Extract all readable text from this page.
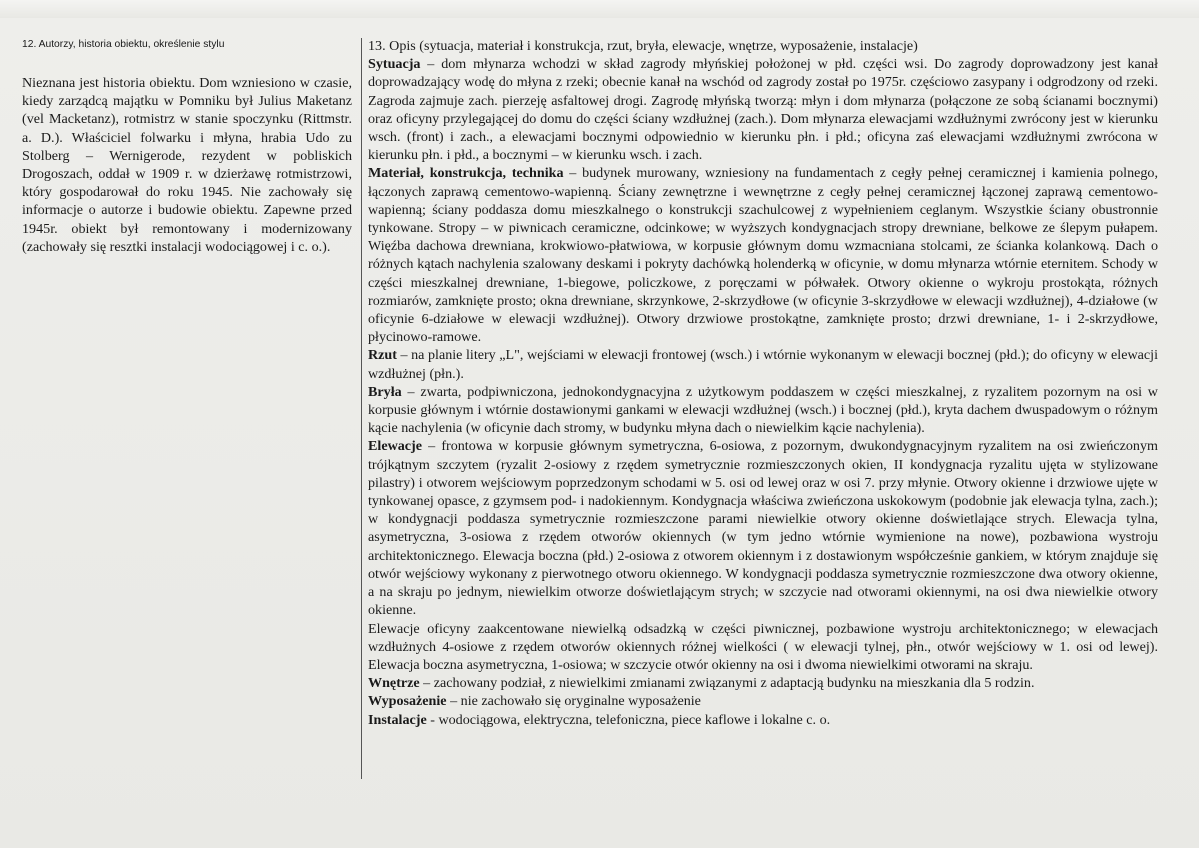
12. Autorzy, historia obiektu, określenie stylu

Nieznana jest historia obiektu. Dom wzniesiono w czasie, kiedy zarządcą majątku w Pomniku był Julius Maketanz (vel Macketanz), rotmistrz w stanie spoczynku (Rittmstr. a. D.). Właściciel folwarku i młyna, hrabia Udo zu Stolberg – Wernigerode, rezydent w pobliskich Drogoszach, oddał w 1909 r. w dzierżawę rotmistrzowi, który gospodarował do roku 1945. Nie zachowały się informacje o autorze i budowie obiektu. Zapewne przed 1945r. obiekt był remontowany i modernizowany (zachowały się resztki instalacji wodociągowej i c. o.).

13. Opis (sytuacja, materiał i konstrukcja, rzut, bryła, elewacje, wnętrze, wyposażenie, instalacje)

Sytuacja – dom młynarza wchodzi w skład zagrody młyńskiej położonej w płd. części wsi. Do zagrody doprowadzony jest kanał doprowadzający wodę do młyna z rzeki; obecnie kanał na wschód od zagrody został po 1975r. częściowo zasypany i odgrodzony od rzeki. Zagroda zajmuje zach. pierzeję asfaltowej drogi. Zagrodę młyńską tworzą: młyn i dom młynarza (połączone ze sobą ścianami bocznymi) oraz oficyny przylegającej do domu do części ściany wzdłużnej (zach.). Dom młynarza elewacjami wzdłużnymi zwrócony jest w kierunku wsch. (front) i zach., a elewacjami bocznymi odpowiednio w kierunku płn. i płd.; oficyna zaś elewacjami wzdłużnymi zwrócona w kierunku płn. i płd., a bocznymi – w kierunku wsch. i zach.

Materiał, konstrukcja, technika – budynek murowany, wzniesiony na fundamentach z cegły pełnej ceramicznej i kamienia polnego, łączonych zaprawą cementowo-wapienną. Ściany zewnętrzne i wewnętrzne z cegły pełnej ceramicznej łączonej zaprawą cementowo-wapienną; ściany poddasza domu mieszkalnego o konstrukcji szachulcowej z wypełnieniem ceglanym. Wszystkie ściany obustronnie tynkowane. Stropy – w piwnicach ceramiczne, odcinkowe; w wyższych kondygnacjach stropy drewniane, belkowe ze ślepym pułapem. Więźba dachowa drewniana, krokwiowo-płatwiowa, w korpusie głównym domu wzmacniana stolcami, ze ścianka kolankową. Dach o różnych kątach nachylenia szalowany deskami i pokryty dachówką holenderką w oficynie, w domu młynarza wtórnie eternitem. Schody w części mieszkalnej drewniane, 1-biegowe, policzkowe, z poręczami w półwałek. Otwory okienne o wykroju prostokąta, różnych rozmiarów, zamknięte prosto; okna drewniane, skrzynkowe, 2-skrzydłowe (w oficynie 3-skrzydłowe w elewacji wzdłużnej), 4-działowe (w oficynie 6-działowe w elewacji wzdłużnej). Otwory drzwiowe prostokątne, zamknięte prosto; drzwi drewniane, 1- i 2-skrzydłowe, płycinowo-ramowe.

Rzut – na planie litery „L", wejściami w elewacji frontowej (wsch.) i wtórnie wykonanym w elewacji bocznej (płd.); do oficyny w elewacji wzdłużnej (płn.).

Bryła – zwarta, podpiwniczona, jednokondygnacyjna z użytkowym poddaszem w części mieszkalnej, z ryzalitem pozornym na osi w korpusie głównym i wtórnie dostawionymi gankami w elewacji wzdłużnej (wsch.) i bocznej (płd.), kryta dachem dwuspadowym o różnym kącie nachylenia (w oficynie dach stromy, w budynku młyna dach o niewielkim kącie nachylenia).

Elewacje – frontowa w korpusie głównym symetryczna, 6-osiowa, z pozornym, dwukondygnacyjnym ryzalitem na osi zwieńczonym trójkątnym szczytem (ryzalit 2-osiowy z rzędem symetrycznie rozmieszczonych okien, II kondygnacja ryzalitu ujęta w stylizowane pilastry) i otworem wejściowym poprzedzonym schodami w 5. osi od lewej oraz w osi 7. przy młynie. Otwory okienne i drzwiowe ujęte w tynkowanej opasce, z gzymsem pod- i nadokiennym. Kondygnacja właściwa zwieńczona uskokowym (podobnie jak elewacja tylna, zach.); w kondygnacji poddasza symetrycznie rozmieszczone parami niewielkie otwory okienne doświetlające strych. Elewacja tylna, asymetryczna, 3-osiowa z rzędem otworów okiennych (w tym jedno wtórnie wymienione na nowe), pozbawiona wystroju architektonicznego. Elewacja boczna (płd.) 2-osiowa z otworem okiennym i z dostawionym współcześnie gankiem, w którym znajduje się otwór wejściowy wykonany z pierwotnego otworu okiennego. W kondygnacji poddasza symetrycznie rozmieszczone dwa otwory okienne, a na skraju po jednym, niewielkim otworze doświetlającym strych; w szczycie nad otworami okiennymi, na osi dwa niewielkie otwory okienne.

Elewacje oficyny zaakcentowane niewielką odsadzką w części piwnicznej, pozbawione wystroju architektonicznego; w elewacjach wzdłużnych 4-osiowe z rzędem otworów okiennych różnej wielkości ( w elewacji tylnej, płn., otwór wejściowy w 1. osi od lewej). Elewacja boczna asymetryczna, 1-osiowa; w szczycie otwór okienny na osi i dwoma niewielkimi otworami na skraju.

Wnętrze – zachowany podział, z niewielkimi zmianami związanymi z adaptacją budynku na mieszkania dla 5 rodzin.

Wyposażenie – nie zachowało się oryginalne wyposażenie

Instalacje - wodociągowa, elektryczna, telefoniczna, piece kaflowe i lokalne c. o.
